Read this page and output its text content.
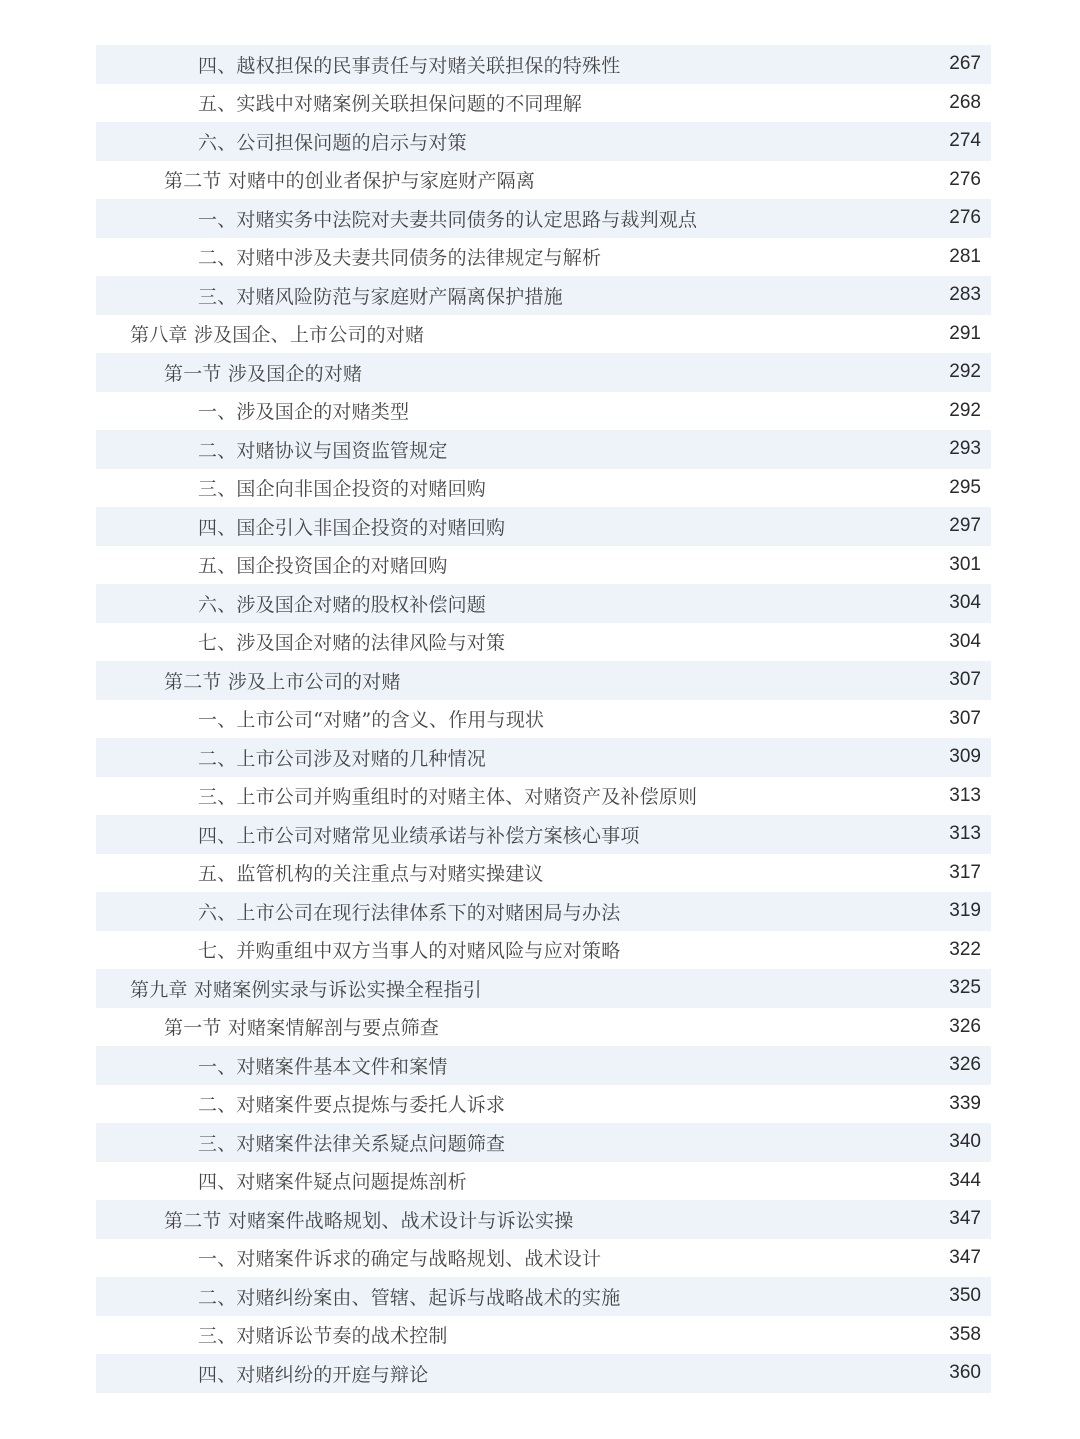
四、越权担保的民事责任与对赌关联担保的特殊性	267
五、实践中对赌案例关联担保问题的不同理解	268
六、公司担保问题的启示与对策	274
第二节 对赌中的创业者保护与家庭财产隔离	276
一、对赌实务中法院对夫妻共同债务的认定思路与裁判观点	276
二、对赌中涉及夫妻共同债务的法律规定与解析	281
三、对赌风险防范与家庭财产隔离保护措施	283
第八章 涉及国企、上市公司的对赌	291
第一节 涉及国企的对赌	292
一、涉及国企的对赌类型	292
二、对赌协议与国资监管规定	293
三、国企向非国企投资的对赌回购	295
四、国企引入非国企投资的对赌回购	297
五、国企投资国企的对赌回购	301
六、涉及国企对赌的股权补偿问题	304
七、涉及国企对赌的法律风险与对策	304
第二节 涉及上市公司的对赌	307
一、上市公司“对赌”的含义、作用与现状	307
二、上市公司涉及对赌的几种情况	309
三、上市公司并购重组时的对赌主体、对赌资产及补偿原则	313
四、上市公司对赌常见业绩承诺与补偿方案核心事项	313
五、监管机构的关注重点与对赌实操建议	317
六、上市公司在现行法律体系下的对赌困局与办法	319
七、并购重组中双方当事人的对赌风险与应对策略	322
第九章 对赌案例实录与诉讼实操全程指引	325
第一节 对赌案情解剖与要点筛查	326
一、对赌案件基本文件和案情	326
二、对赌案件要点提炼与委托人诉求	339
三、对赌案件法律关系疑点问题筛查	340
四、对赌案件疑点问题提炼剖析	344
第二节 对赌案件战略规划、战术设计与诉讼实操	347
一、对赌案件诉求的确定与战略规划、战术设计	347
二、对赌纠纷案由、管辖、起诉与战略战术的实施	350
三、对赌诉讼节奏的战术控制	358
四、对赌纠纷的开庭与辩论	360
